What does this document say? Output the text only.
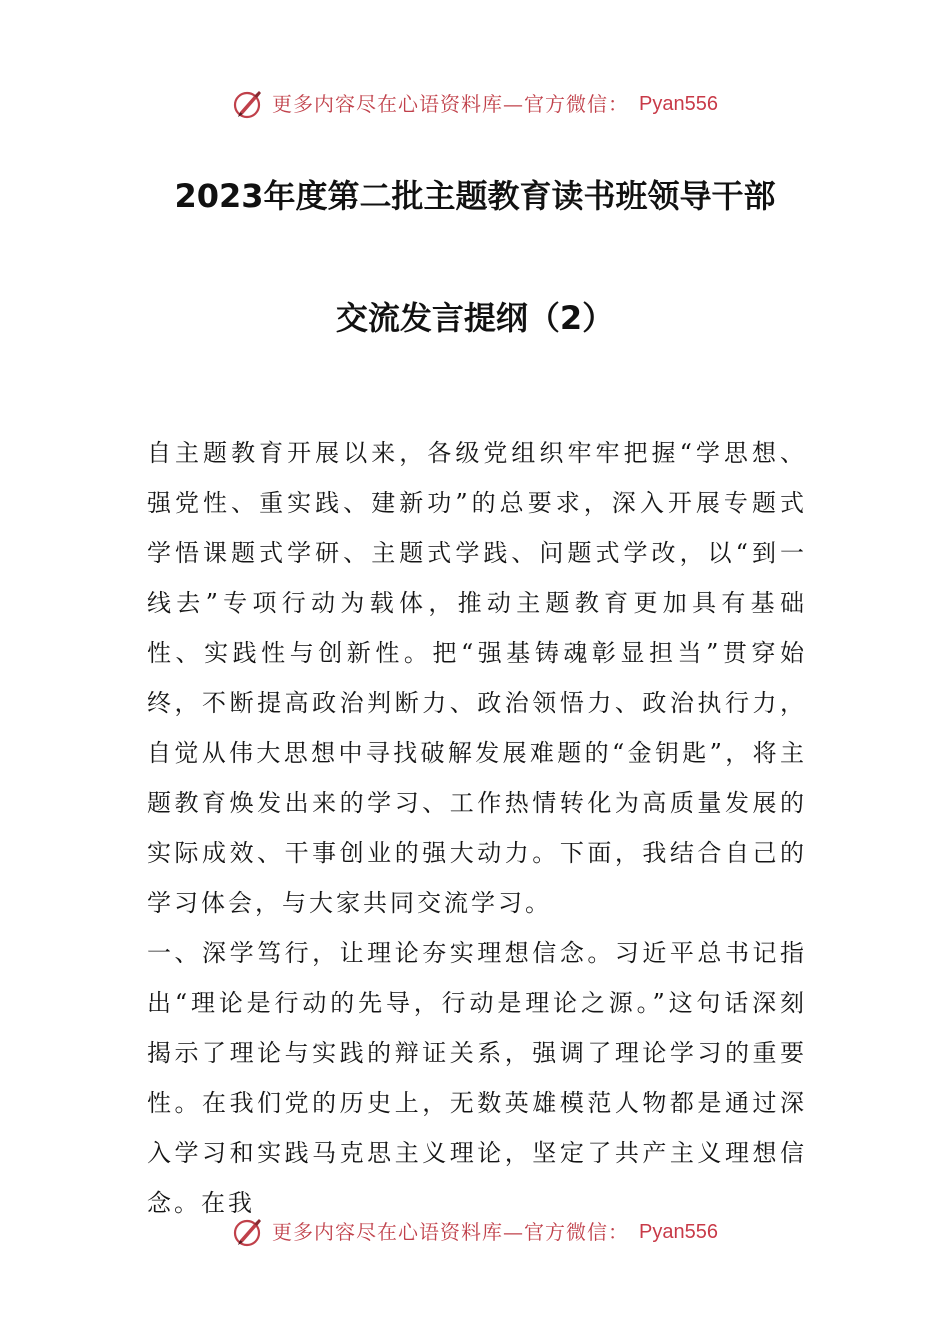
更多内容尽在心语资料库—官方微信： Pyan556
2023年度第二批主题教育读书班领导干部
交流发言提纲（2）

自主题教育开展以来，各级党组织牢牢把握“学思想、强党性、重实践、建新功”的总要求，深入开展专题式学悟课题式学研、主题式学践、问题式学改，以“到一线去”专项行动为载体，推动主题教育更加具有基础性、实践性与创新性。把“强基铸魂彰显担当”贯穿始终，不断提高政治判断力、政治领悟力、政治执行力，自觉从伟大思想中寻找破解发展难题的“金钥匙”，将主题教育焕发出来的学习、工作热情转化为高质量发展的实际成效、干事创业的强大动力。下面，我结合自己的学习体会，与大家共同交流学习。

一、深学笃行，让理论夯实理想信念。习近平总书记指出“理论是行动的先导，行动是理论之源。”这句话深刻揭示了理论与实践的辩证关系，强调了理论学习的重要性。在我们党的历史上，无数英雄模范人物都是通过深入学习和实践马克思主义理论，坚定了共产主义理想信念。在我

更多内容尽在心语资料库—官方微信： Pyan556
